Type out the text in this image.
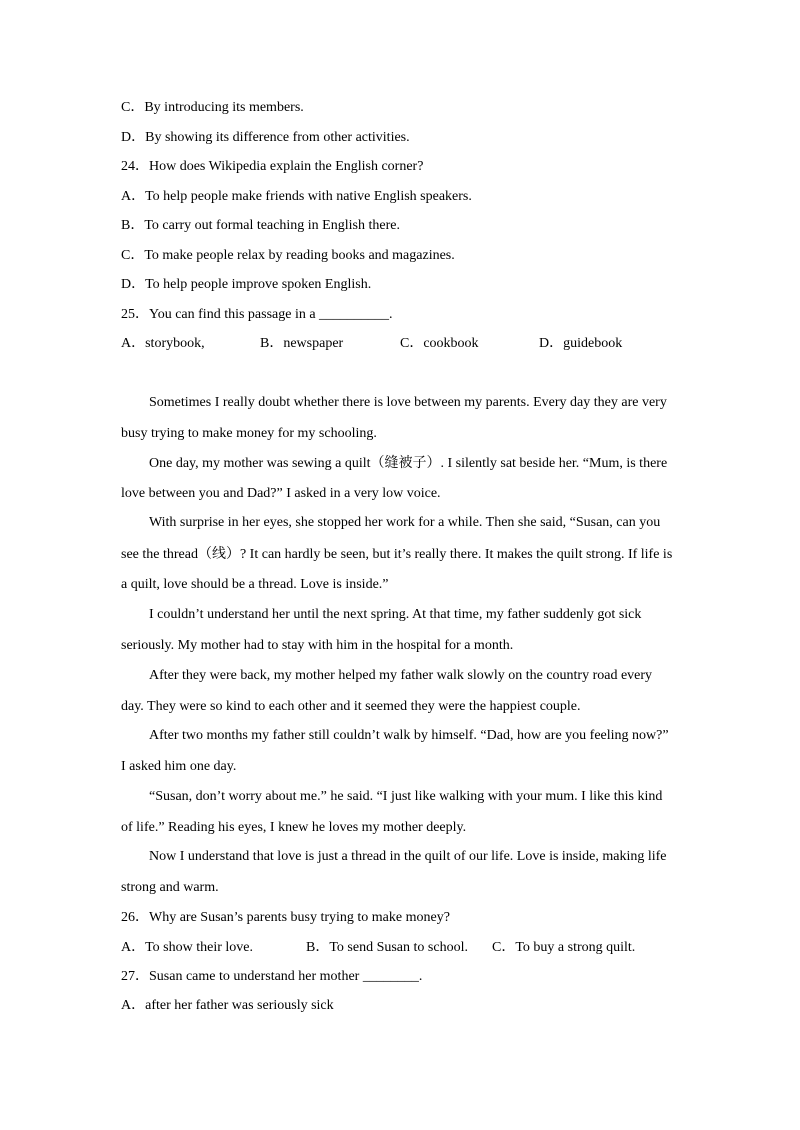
C．By introducing its members.
D．By showing its difference from other activities.
24．How does Wikipedia explain the English corner?
A．To help people make friends with native English speakers.
B．To carry out formal teaching in English there.
C．To make people relax by reading books and magazines.
D．To help people improve spoken English.
25．You can find this passage in a __________.
A．storybook,	B．newspaper	C．cookbook	D．guidebook
Sometimes I really doubt whether there is love between my parents. Every day they are very
busy trying to make money for my schooling.
One day, my mother was sewing a quilt（缝被子）. I silently sat beside her. “Mum, is there
love between you and Dad?” I asked in a very low voice.
With surprise in her eyes, she stopped her work for a while. Then she said, “Susan, can you
see the thread（线）? It can hardly be seen, but it’s really there. It makes the quilt strong. If life is
a quilt, love should be a thread. Love is inside.”
I couldn’t understand her until the next spring. At that time, my father suddenly got sick
seriously. My mother had to stay with him in the hospital for a month.
After they were back, my mother helped my father walk slowly on the country road every
day. They were so kind to each other and it seemed they were the happiest couple.
After two months my father still couldn’t walk by himself. “Dad, how are you feeling now?”
I asked him one day.
“Susan, don’t worry about me.” he said. “I just like walking with your mum. I like this kind
of life.” Reading his eyes, I knew he loves my mother deeply.
Now I understand that love is just a thread in the quilt of our life. Love is inside, making life
strong and warm.
26．Why are Susan’s parents busy trying to make money?
A．To show their love.	B．To send Susan to school. C．To buy a strong quilt.
27．Susan came to understand her mother ________.
A．after her father was seriously sick
